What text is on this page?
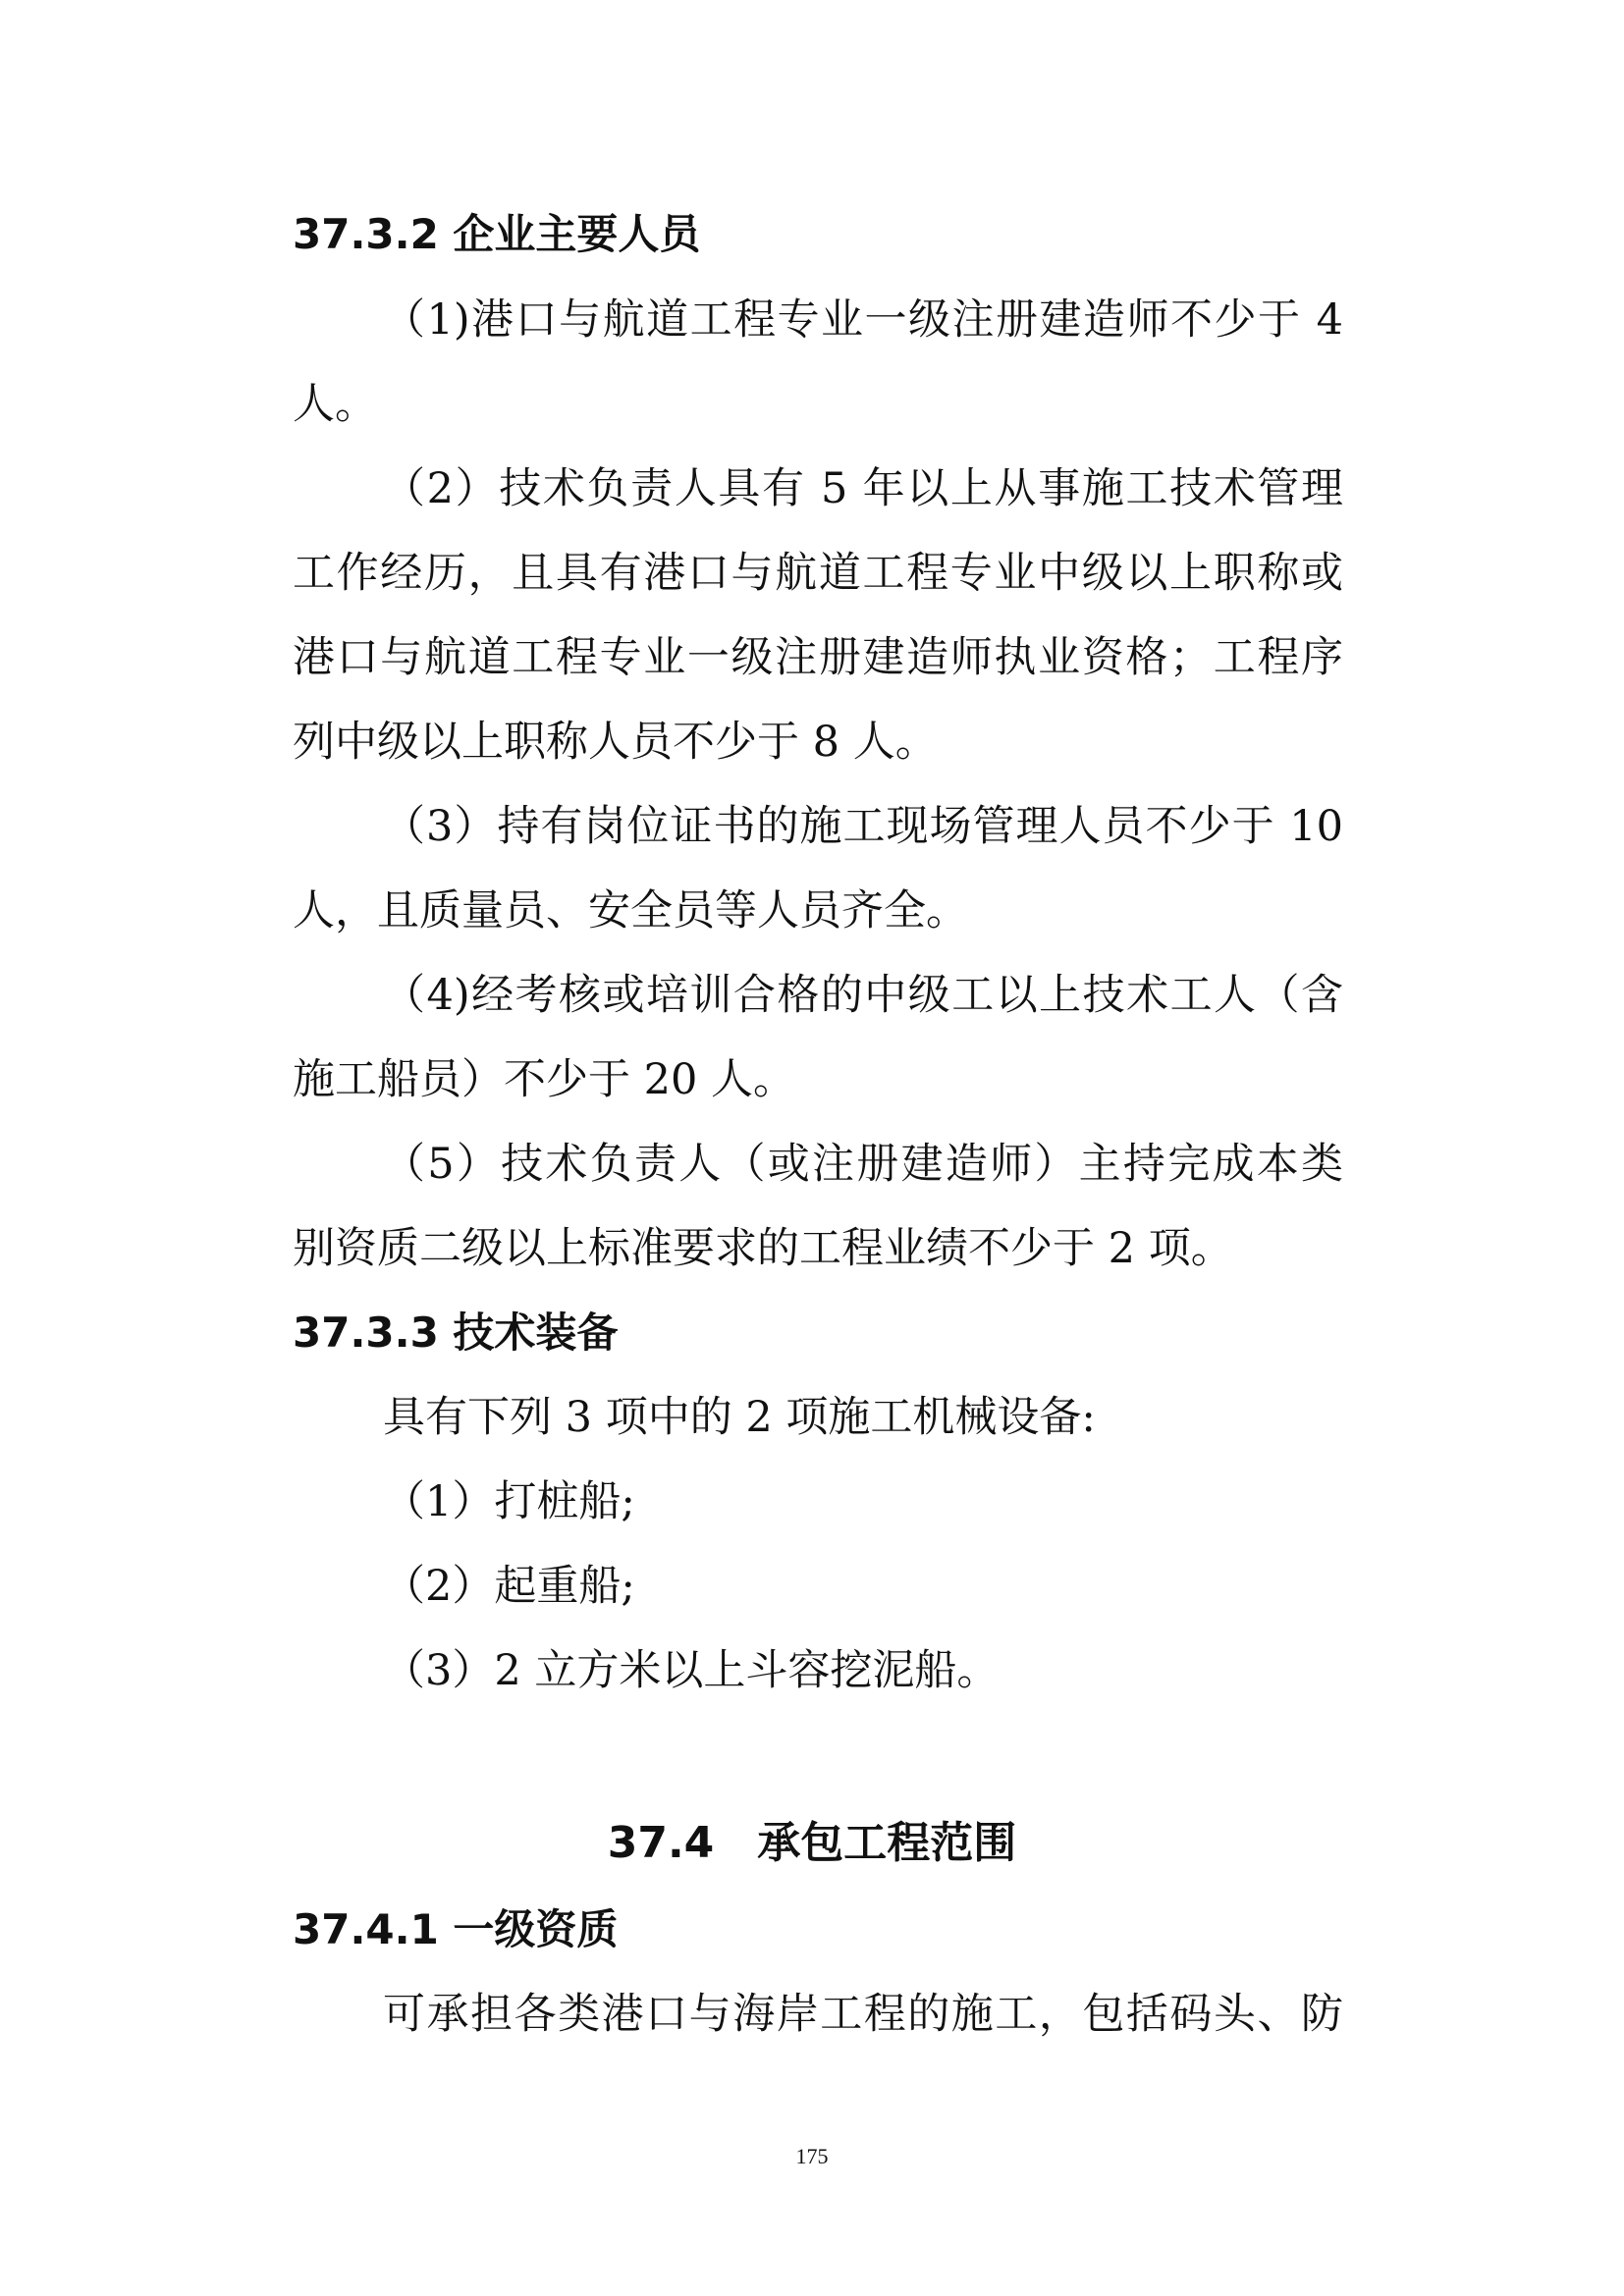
37.3.2 企业主要人员
（1)港口与航道工程专业一级注册建造师不少于 4
人。
（2）技术负责人具有 5 年以上从事施工技术管理
工作经历，且具有港口与航道工程专业中级以上职称或
港口与航道工程专业一级注册建造师执业资格；工程序
列中级以上职称人员不少于 8 人。
（3）持有岗位证书的施工现场管理人员不少于 10
人，且质量员、安全员等人员齐全。
（4)经考核或培训合格的中级工以上技术工人（含
施工船员）不少于 20 人。
（5）技术负责人（或注册建造师）主持完成本类
别资质二级以上标准要求的工程业绩不少于 2 项。
37.3.3 技术装备
具有下列 3 项中的 2 项施工机械设备:
（1）打桩船;
（2）起重船;
（3）2 立方米以上斗容挖泥船。
37.4　承包工程范围
37.4.1 一级资质
可承担各类港口与海岸工程的施工，包括码头、防
175
